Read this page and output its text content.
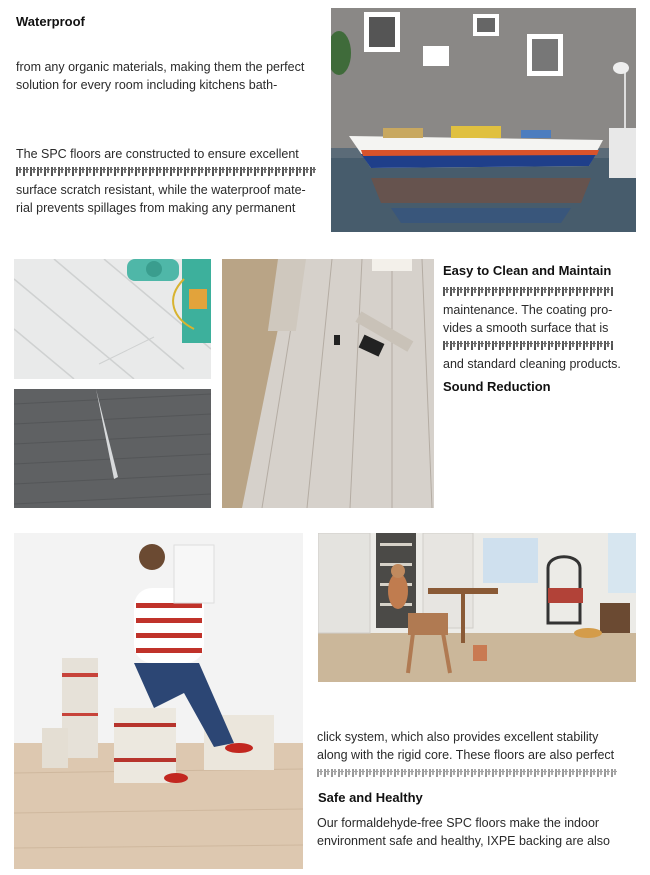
Waterproof
from any organic materials, making them the perfect
solution for every room including kitchens bath-
The SPC floors are constructed to ensure excellent
surface scratch resistant, while the waterproof mate-
rial prevents spillages from making any permanent
Easy to Clean and Maintain
maintenance. The coating pro-
vides a smooth surface that is
and standard cleaning products.
Sound Reduction
click system, which also provides excellent stability
along with the rigid core. These floors are also perfect
Safe and Healthy
Our formaldehyde-free SPC floors make the indoor
environment safe and healthy, IXPE backing are also
